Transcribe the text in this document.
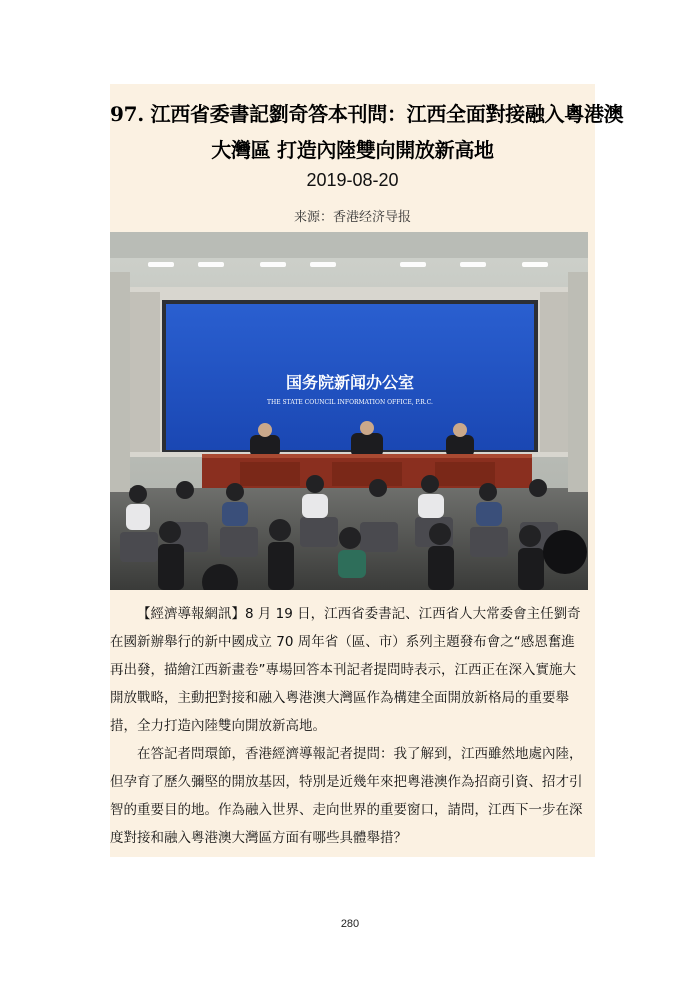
97. 江西省委書記劉奇答本刊問：江西全面對接融入粵港澳
大灣區 打造內陸雙向開放新高地
2019-08-20
来源：香港经济导报
国务院新闻办公室
THE STATE COUNCIL INFORMATION OFFICE, P.R.C.

【經濟導報網訊】8 月 19 日，江西省委書記、江西省人大常委會主任劉奇
在國新辦舉行的新中國成立 70 周年省（區、市）系列主題發布會之“感恩奮進
再出發，描繪江西新畫卷”專場回答本刊記者提問時表示，江西正在深入實施大
開放戰略，主動把對接和融入粵港澳大灣區作為構建全面開放新格局的重要舉
措，全力打造內陸雙向開放新高地。

在答記者問環節，香港經濟導報記者提問：我了解到，江西雖然地處內陸，
但孕育了歷久彌堅的開放基因，特別是近幾年來把粵港澳作為招商引資、招才引
智的重要目的地。作為融入世界、走向世界的重要窗口，請問，江西下一步在深
度對接和融入粵港澳大灣區方面有哪些具體舉措？

280
